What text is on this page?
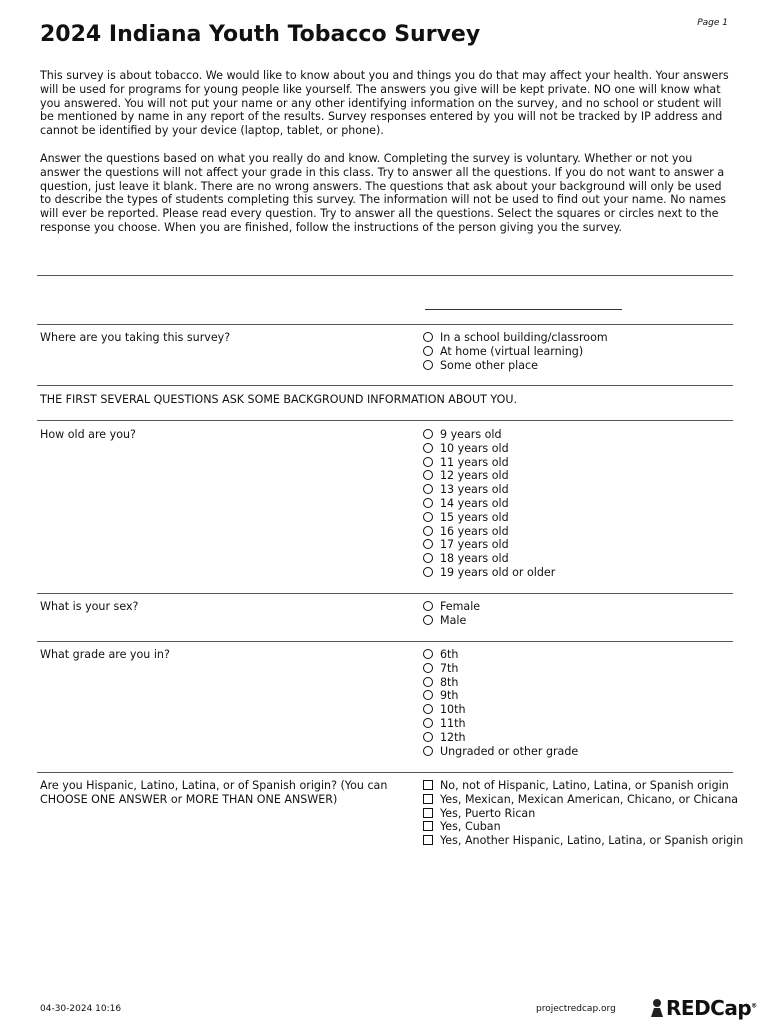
Page 1
2024 Indiana Youth Tobacco Survey

This survey is about tobacco. We would like to know about you and things you do that may affect your health. Your answers will be used for programs for young people like yourself. The answers you give will be kept private. NO one will know what you answered. You will not put your name or any other identifying information on the survey, and no school or student will be mentioned by name in any report of the results. Survey responses entered by you will not be tracked by IP address and cannot be identified by your device (laptop, tablet, or phone).

Answer the questions based on what you really do and know. Completing the survey is voluntary. Whether or not you answer the questions will not affect your grade in this class. Try to answer all the questions. If you do not want to answer a question, just leave it blank. There are no wrong answers. The questions that ask about your background will only be used to describe the types of students completing this survey. The information will not be used to find out your name. No names will ever be reported. Please read every question. Try to answer all the questions. Select the squares or circles next to the response you choose. When you are finished, follow the instructions of the person giving you the survey.

Where are you taking this survey?	In a school building/classroom
At home (virtual learning)
Some other place
THE FIRST SEVERAL QUESTIONS ASK SOME BACKGROUND INFORMATION ABOUT YOU.
How old are you?	9 years old
10 years old
11 years old
12 years old
13 years old
14 years old
15 years old
16 years old
17 years old
18 years old
19 years old or older
What is your sex?	Female
Male
What grade are you in?	6th
7th
8th
9th
10th
11th
12th
Ungraded or other grade
Are you Hispanic, Latino, Latina, or of Spanish origin? (You can CHOOSE ONE ANSWER or MORE THAN ONE ANSWER)
No, not of Hispanic, Latino, Latina, or Spanish origin
Yes, Mexican, Mexican American, Chicano, or Chicana
Yes, Puerto Rican
Yes, Cuban
Yes, Another Hispanic, Latino, Latina, or Spanish origin
04-30-2024 10:16	projectredcap.org	REDCap®
